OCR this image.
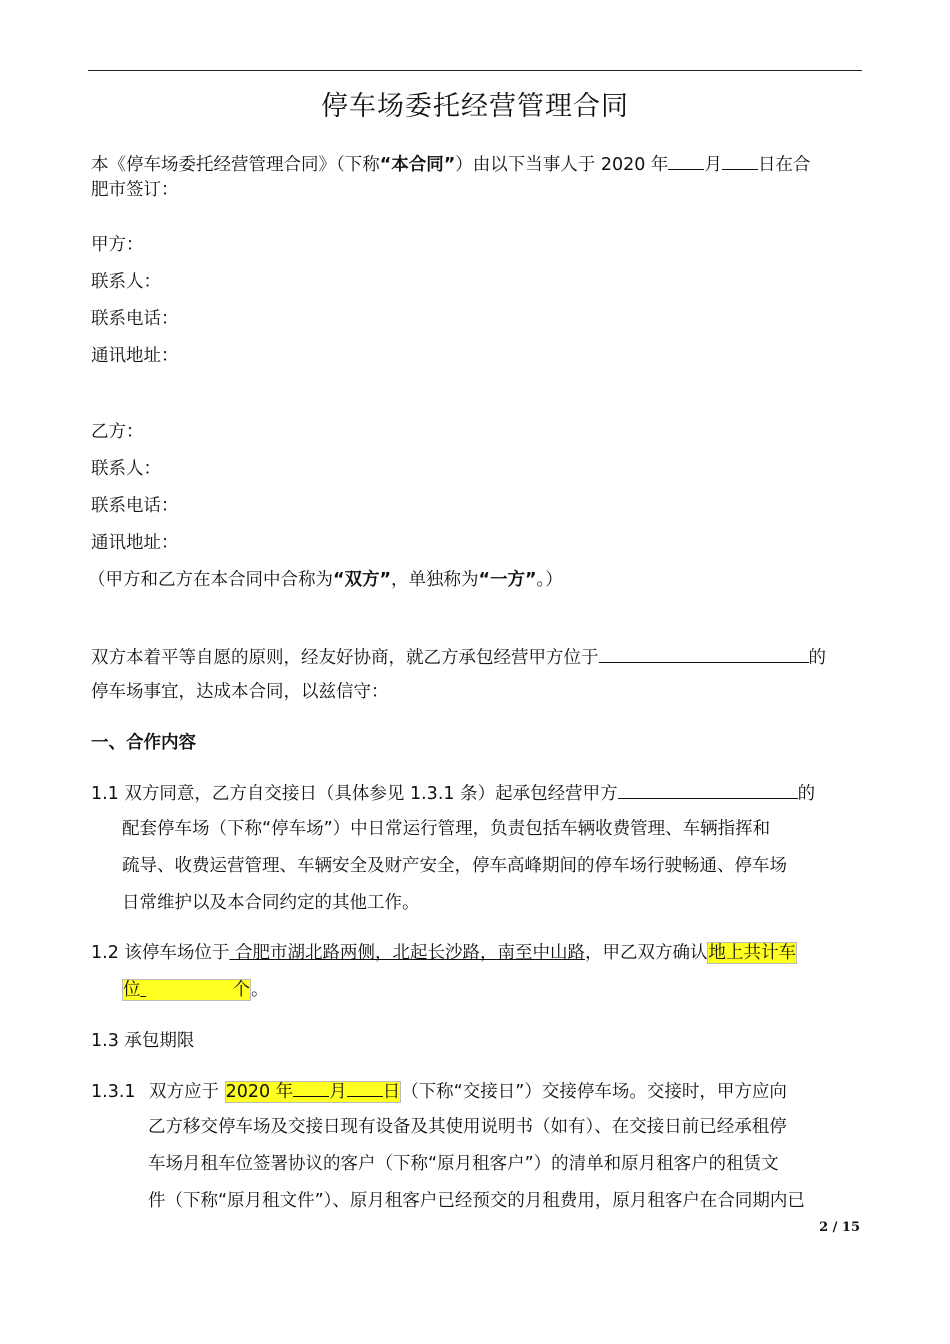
停车场委托经营管理合同
本《停车场委托经营管理合同》（下称“本合同”）由以下当事人于 2020 年 月 日在合
肥市签订：
甲方：
联系人：
联系电话：
通讯地址：
乙方：
联系人：
联系电话：
通讯地址：
（甲方和乙方在本合同中合称为“双方”，单独称为“一方”。）
双方本着平等自愿的原则，经友好协商，就乙方承包经营甲方位于	的
停车场事宜，达成本合同，以兹信守：
一、合作内容
1.1 双方同意，乙方自交接日（具体参见 1.3.1 条）起承包经营甲方	的
配套停车场（下称“停车场”）中日常运行管理，负责包括车辆收费管理、车辆指挥和
疏导、收费运营管理、车辆安全及财产安全，停车高峰期间的停车场行驶畅通、停车场
日常维护以及本合同约定的其他工作。
1.2 该停车场位于 合肥市湖北路两侧，北起长沙路，南至中山路，甲乙双方确认地上共计车
位	个。
1.3 承包期限
1.3.1 双方应于 2020 年 月 日（下称“交接日”）交接停车场。交接时，甲方应向
乙方移交停车场及交接日现有设备及其使用说明书（如有）、在交接日前已经承租停
车场月租车位签署协议的客户（下称“原月租客户”）的清单和原月租客户的租赁文
件（下称“原月租文件”）、原月租客户已经预交的月租费用，原月租客户在合同期内已
2 / 15
